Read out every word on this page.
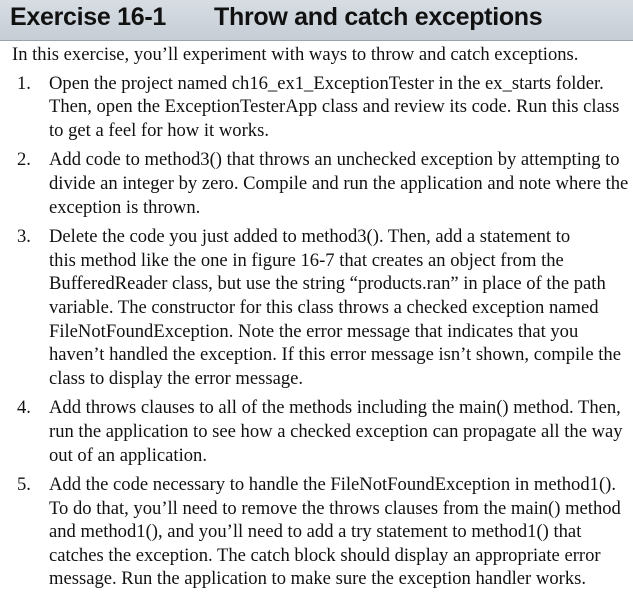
Exercise 16-1 Throw and catch exceptions

In this exercise, you’ll experiment with ways to throw and catch exceptions.

1. Open the project named ch16_ex1_ExceptionTester in the ex_starts folder.
Then, open the ExceptionTesterApp class and review its code. Run this class
to get a feel for how it works.
2. Add code to method3() that throws an unchecked exception by attempting to
divide an integer by zero. Compile and run the application and note where the
exception is thrown.
3. Delete the code you just added to method3(). Then, add a statement to
this method like the one in figure 16-7 that creates an object from the
BufferedReader class, but use the string “products.ran” in place of the path
variable. The constructor for this class throws a checked exception named
FileNotFoundException. Note the error message that indicates that you
haven’t handled the exception. If this error message isn’t shown, compile the
class to display the error message.
4. Add throws clauses to all of the methods including the main() method. Then,
run the application to see how a checked exception can propagate all the way
out of an application.
5. Add the code necessary to handle the FileNotFoundException in method1().
To do that, you’ll need to remove the throws clauses from the main() method
and method1(), and you’ll need to add a try statement to method1() that
catches the exception. The catch block should display an appropriate error
message. Run the application to make sure the exception handler works.
